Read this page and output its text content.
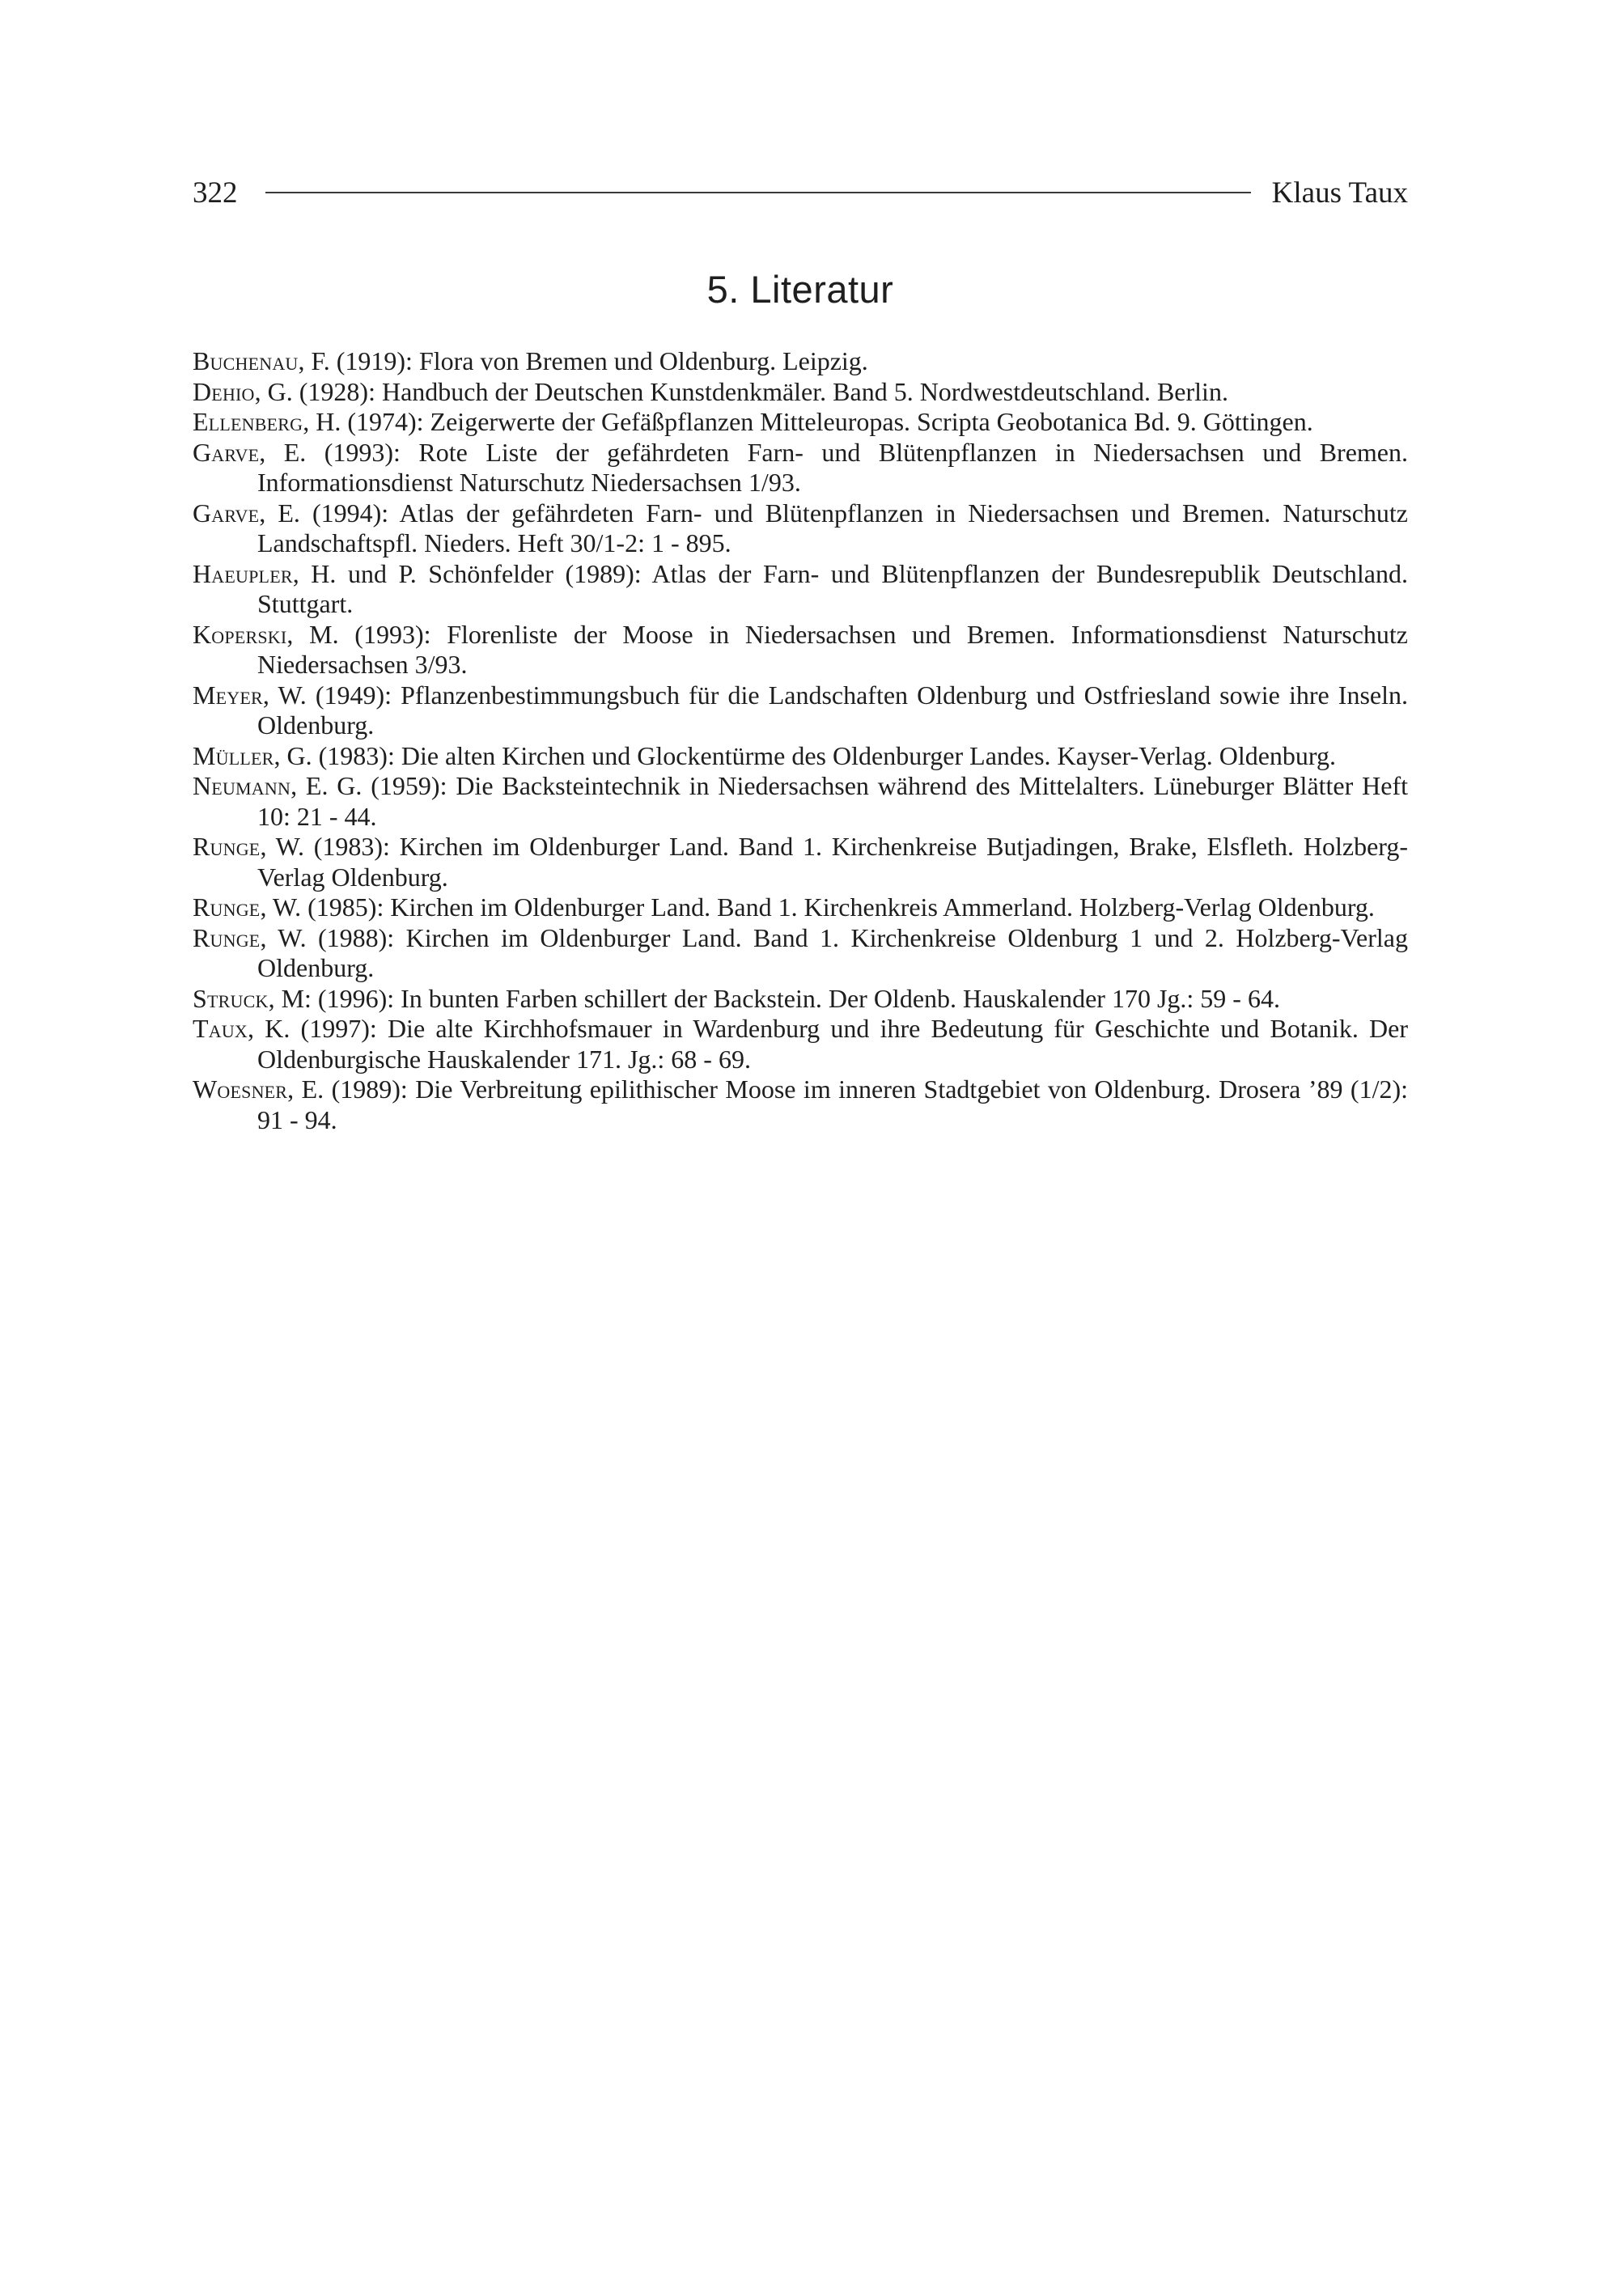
322	Klaus Taux
5. Literatur
Buchenau, F. (1919): Flora von Bremen und Oldenburg. Leipzig.
Dehio, G. (1928): Handbuch der Deutschen Kunstdenkmäler. Band 5. Nordwestdeutschland. Berlin.
Ellenberg, H. (1974): Zeigerwerte der Gefäßpflanzen Mitteleuropas. Scripta Geobotanica Bd. 9. Göttingen.
Garve, E. (1993): Rote Liste der gefährdeten Farn- und Blütenpflanzen in Niedersachsen und Bremen. Informationsdienst Naturschutz Niedersachsen 1/93.
Garve, E. (1994): Atlas der gefährdeten Farn- und Blütenpflanzen in Niedersachsen und Bremen. Naturschutz Landschaftspfl. Nieders. Heft 30/1-2: 1 - 895.
Haeupler, H. und P. Schönfelder (1989): Atlas der Farn- und Blütenpflanzen der Bundesrepublik Deutschland. Stuttgart.
Koperski, M. (1993): Florenliste der Moose in Niedersachsen und Bremen. Informationsdienst Naturschutz Niedersachsen 3/93.
Meyer, W. (1949): Pflanzenbestimmungsbuch für die Landschaften Oldenburg und Ostfriesland sowie ihre Inseln. Oldenburg.
Müller, G. (1983): Die alten Kirchen und Glockentürme des Oldenburger Landes. Kayser-Verlag. Oldenburg.
Neumann, E. G. (1959): Die Backsteintechnik in Niedersachsen während des Mittelalters. Lüneburger Blätter Heft 10: 21 - 44.
Runge, W. (1983): Kirchen im Oldenburger Land. Band 1. Kirchenkreise Butjadingen, Brake, Elsfleth. Holzberg-Verlag Oldenburg.
Runge, W. (1985): Kirchen im Oldenburger Land. Band 1. Kirchenkreis Ammerland. Holzberg-Verlag Oldenburg.
Runge, W. (1988): Kirchen im Oldenburger Land. Band 1. Kirchenkreise Oldenburg 1 und 2. Holzberg-Verlag Oldenburg.
Struck, M: (1996): In bunten Farben schillert der Backstein. Der Oldenb. Hauskalender 170 Jg.: 59 - 64.
Taux, K. (1997): Die alte Kirchhofsmauer in Wardenburg und ihre Bedeutung für Geschichte und Botanik. Der Oldenburgische Hauskalender 171. Jg.: 68 - 69.
Woesner, E. (1989): Die Verbreitung epilithischer Moose im inneren Stadtgebiet von Oldenburg. Drosera ’89 (1/2): 91 - 94.
